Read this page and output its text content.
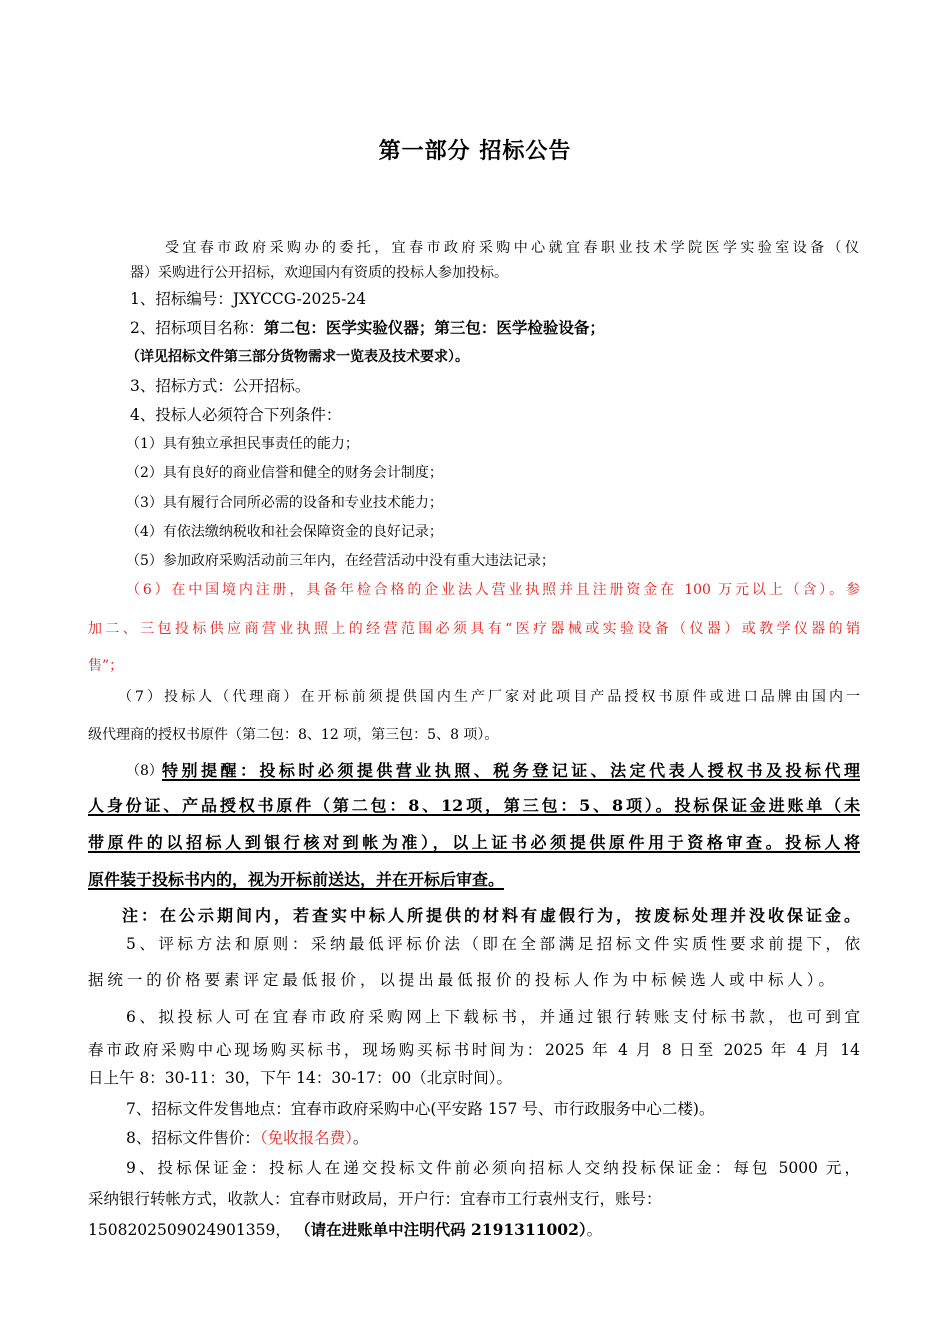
第一部分 招标公告
受宜春市政府采购办的委托，宜春市政府采购中心就宜春职业技术学院医学实验室设备（仪
器）采购进行公开招标，欢迎国内有资质的投标人参加投标。
1、招标编号：JXYCCG-2025-24
2、招标项目名称：第二包：医学实验仪器；第三包：医学检验设备；
（详见招标文件第三部分货物需求一览表及技术要求）。
3、招标方式：公开招标。
4、投标人必须符合下列条件：
（1）具有独立承担民事责任的能力；
（2）具有良好的商业信誉和健全的财务会计制度；
（3）具有履行合同所必需的设备和专业技术能力；
（4）有依法缴纳税收和社会保障资金的良好记录；
（5）参加政府采购活动前三年内，在经营活动中没有重大违法记录；
（6）在中国境内注册，具备年检合格的企业法人营业执照并且注册资金在 100 万元以上（含）。参
加二、三包投标供应商营业执照上的经营范围必须具有“医疗器械或实验设备（仪器）或教学仪器的销
售”；
（7）投标人（代理商）在开标前须提供国内生产厂家对此项目产品授权书原件或进口品牌由国内一
级代理商的授权书原件（第二包：8、12 项，第三包：5、8 项）。
（8） 特别提醒：投标时必须提供营业执照、税务登记证、法定代表人授权书及投标代理
人身份证、产品授权书原件（第二包：8、12项，第三包：5、8项）。投标保证金进账单（未
带原件的以招标人到银行核对到帐为准），以上证书必须提供原件用于资格审查。投标人将
原件装于投标书内的，视为开标前送达，并在开标后审查。
注：在公示期间内，若查实中标人所提供的材料有虚假行为，按废标处理并没收保证金。
5、评标方法和原则：采纳最低评标价法（即在全部满足招标文件实质性要求前提下，依
据统一的价格要素评定最低报价，以提出最低报价的投标人作为中标候选人或中标人）。
6、拟投标人可在宜春市政府采购网上下载标书，并通过银行转账支付标书款，也可到宜
春市政府采购中心现场购买标书，现场购买标书时间为：2025 年 4 月 8 日至 2025 年 4 月 14
日上午 8：30-11：30，下午 14：30-17：00（北京时间）。
7、招标文件发售地点：宜春市政府采购中心(平安路 157 号、市行政服务中心二楼)。
8、招标文件售价：（免收报名费）。
9、投标保证金：投标人在递交投标文件前必须向招标人交纳投标保证金：每包 5000 元，
采纳银行转帐方式，收款人：宜春市财政局，开户行：宜春市工行袁州支行，账号：
1508202509024901359， （请在进账单中注明代码 2191311002）。
